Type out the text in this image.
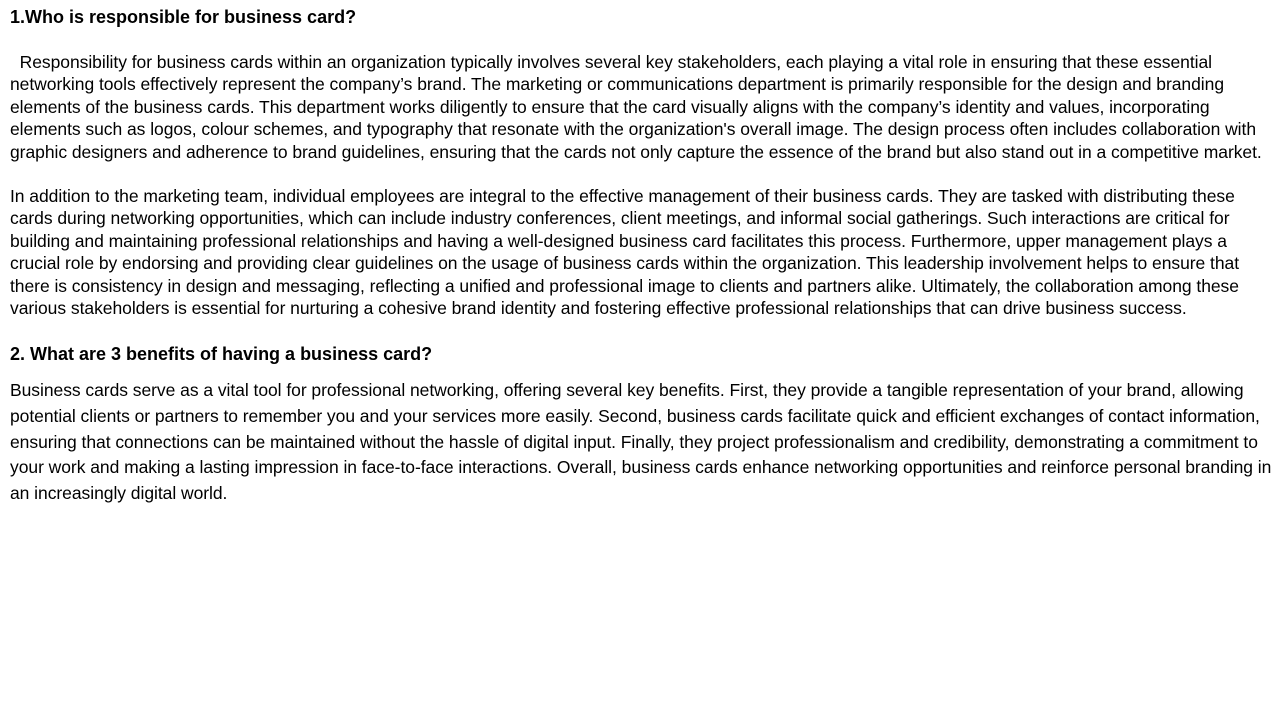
1.Who is responsible for business card?

Responsibility for business cards within an organization typically involves several key stakeholders, each playing a vital role in ensuring that these essential networking tools effectively represent the company’s brand. The marketing or communications department is primarily responsible for the design and branding elements of the business cards. This department works diligently to ensure that the card visually aligns with the company’s identity and values, incorporating elements such as logos, colour schemes, and typography that resonate with the organization's overall image. The design process often includes collaboration with graphic designers and adherence to brand guidelines, ensuring that the cards not only capture the essence of the brand but also stand out in a competitive market.

In addition to the marketing team, individual employees are integral to the effective management of their business cards. They are tasked with distributing these cards during networking opportunities, which can include industry conferences, client meetings, and informal social gatherings. Such interactions are critical for building and maintaining professional relationships and having a well-designed business card facilitates this process. Furthermore, upper management plays a crucial role by endorsing and providing clear guidelines on the usage of business cards within the organization. This leadership involvement helps to ensure that there is consistency in design and messaging, reflecting a unified and professional image to clients and partners alike. Ultimately, the collaboration among these various stakeholders is essential for nurturing a cohesive brand identity and fostering effective professional relationships that can drive business success.

2. What are 3 benefits of having a business card?

Business cards serve as a vital tool for professional networking, offering several key benefits. First, they provide a tangible representation of your brand, allowing potential clients or partners to remember you and your services more easily. Second, business cards facilitate quick and efficient exchanges of contact information, ensuring that connections can be maintained without the hassle of digital input. Finally, they project professionalism and credibility, demonstrating a commitment to your work and making a lasting impression in face-to-face interactions. Overall, business cards enhance networking opportunities and reinforce personal branding in an increasingly digital world.
